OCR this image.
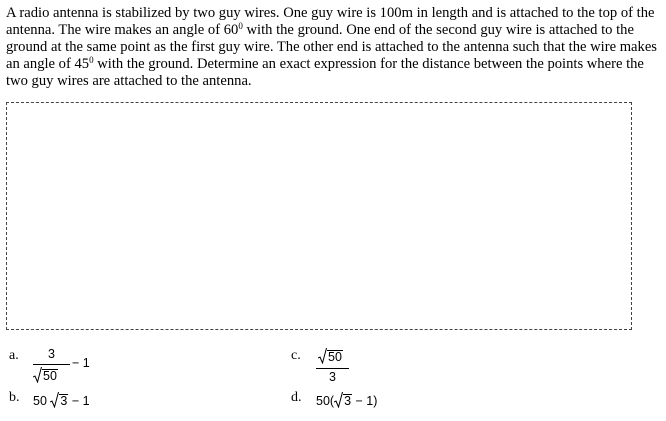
A radio antenna is stabilized by two guy wires. One guy wire is 100m in length and is attached to the top of the antenna. The wire makes an angle of $60^0$ with the ground. One end of the second guy wire is attached to the ground at the same point as the first guy wire. The other end is attached to the antenna such that the wire makes an angle of $45^0$ with the ground. Determine an exact expression for the distance between the points where the two guy wires are attached to the antenna.
a. 3
50
− 1
b. 50 3 − 1
c.	50
3
d. 50( 3 − 1)
